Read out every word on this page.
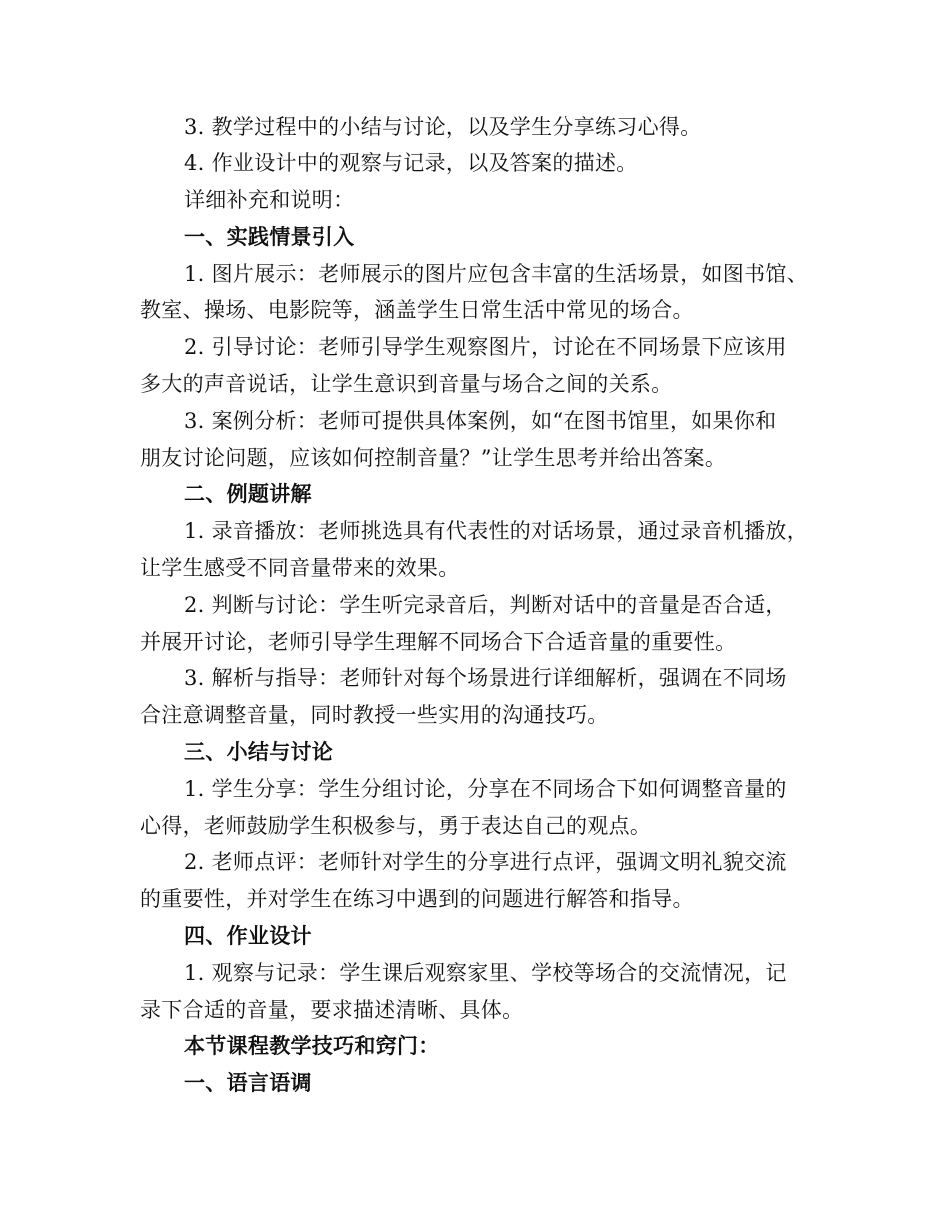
3. 教学过程中的小结与讨论，以及学生分享练习心得。
4. 作业设计中的观察与记录，以及答案的描述。
详细补充和说明：
一、实践情景引入
1. 图片展示：老师展示的图片应包含丰富的生活场景，如图书馆、
教室、操场、电影院等，涵盖学生日常生活中常见的场合。
2. 引导讨论：老师引导学生观察图片，讨论在不同场景下应该用
多大的声音说话，让学生意识到音量与场合之间的关系。
3. 案例分析：老师可提供具体案例，如“在图书馆里，如果你和
朋友讨论问题，应该如何控制音量？”让学生思考并给出答案。
二、例题讲解
1. 录音播放：老师挑选具有代表性的对话场景，通过录音机播放，
让学生感受不同音量带来的效果。
2. 判断与讨论：学生听完录音后，判断对话中的音量是否合适，
并展开讨论，老师引导学生理解不同场合下合适音量的重要性。
3. 解析与指导：老师针对每个场景进行详细解析，强调在不同场
合注意调整音量，同时教授一些实用的沟通技巧。
三、小结与讨论
1. 学生分享：学生分组讨论，分享在不同场合下如何调整音量的
心得，老师鼓励学生积极参与，勇于表达自己的观点。
2. 老师点评：老师针对学生的分享进行点评，强调文明礼貌交流
的重要性，并对学生在练习中遇到的问题进行解答和指导。
四、作业设计
1. 观察与记录：学生课后观察家里、学校等场合的交流情况，记
录下合适的音量，要求描述清晰、具体。
本节课程教学技巧和窍门：
一、语言语调
